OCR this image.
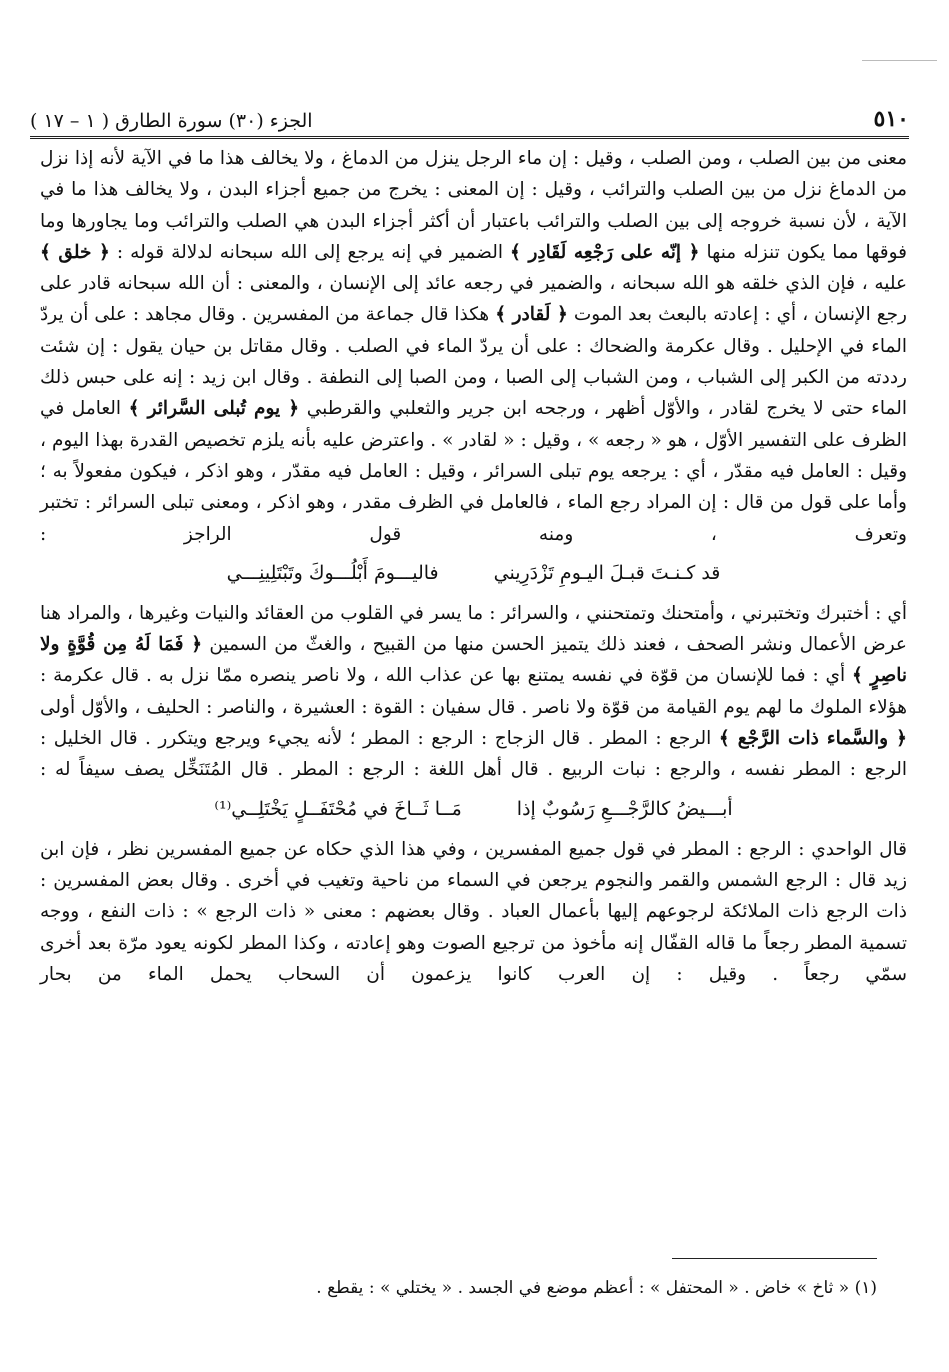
٥١٠
الجزء (٣٠) سورة الطارق ( ١ – ١٧ )

معنى من بين الصلب ، ومن الصلب ، وقيل : إن ماء الرجل ينزل من الدماغ ، ولا يخالف هذا ما في الآية لأنه إذا نزل من الدماغ نزل من بين الصلب والترائب ، وقيل : إن المعنى : يخرج من جميع أجزاء البدن ، ولا يخالف هذا ما في الآية ، لأن نسبة خروجه إلى بين الصلب والترائب باعتبار أن أكثر أجزاء البدن هي الصلب والترائب وما يجاورها وما فوقها مما يكون تنزله منها ﴿ إنّه على رَجْعِه لَقَادِر ﴾ الضمير في إنه يرجع إلى الله سبحانه لدلالة قوله : ﴿ خلق ﴾ عليه ، فإن الذي خلقه هو الله سبحانه ، والضمير في رجعه عائد إلى الإنسان ، والمعنى : أن الله سبحانه قادر على رجع الإنسان ، أي : إعادته بالبعث بعد الموت ﴿ لَقادر ﴾ هكذا قال جماعة من المفسرين . وقال مجاهد : على أن يردّ الماء في الإحليل . وقال عكرمة والضحاك : على أن يردّ الماء في الصلب . وقال مقاتل بن حيان يقول : إن شئت رددته من الكبر إلى الشباب ، ومن الشباب إلى الصبا ، ومن الصبا إلى النطفة . وقال ابن زيد : إنه على حبس ذلك الماء حتى لا يخرج لقادر ، والأوّل أظهر ، ورجحه ابن جرير والثعلبي والقرطبي ﴿ يوم تُبلى السَّرائر ﴾ العامل في الظرف على التفسير الأوّل ، هو « رجعه » ، وقيل : « لقادر » . واعترض عليه بأنه يلزم تخصيص القدرة بهذا اليوم ، وقيل : العامل فيه مقدّر ، أي : يرجعه يوم تبلى السرائر ، وقيل : العامل فيه مقدّر ، وهو اذكر ، فيكون مفعولاً به ؛ وأما على قول من قال : إن المراد رجع الماء ، فالعامل في الظرف مقدر ، وهو اذكر ، ومعنى تبلى السرائر : تختبر وتعرف ، ومنه قول الراجز :

قد كـنـتَ قبـلَ اليـومِ تَزْدَرِيني
فاليـــومَ أَبْلُـــوكَ وتَبْتَلِينِـــي

أي : أختبرك وتختبرني ، وأمتحنك وتمتحنني ، والسرائر : ما يسر في القلوب من العقائد والنيات وغيرها ، والمراد هنا عرض الأعمال ونشر الصحف ، فعند ذلك يتميز الحسن منها من القبيح ، والغثّ من السمين ﴿ فَمَا لَهُ مِن قُوَّةٍ ولا ناصِرٍ ﴾ أي : فما للإنسان من قوّة في نفسه يمتنع بها عن عذاب الله ، ولا ناصر ينصره ممّا نزل به . قال عكرمة : هؤلاء الملوك ما لهم يوم القيامة من قوّة ولا ناصر . قال سفيان : القوة : العشيرة ، والناصر : الحليف ، والأوّل أولى ﴿ والسَّماء ذات الرَّجْع ﴾ الرجع : المطر . قال الزجاج : الرجع : المطر ؛ لأنه يجيء ويرجع ويتكرر . قال الخليل : الرجع : المطر نفسه ، والرجع : نبات الربيع . قال أهل اللغة : الرجع : المطر . قال المُتَنَخِّل يصف سيفاً له :

أبـــيضُ كالرَّجْـــعِ رَسُوبٌ إذا
مَــا ثَــاخَ في مُحْتَفَــلٍ يَخْتَلِــي⁽¹⁾

قال الواحدي : الرجع : المطر في قول جميع المفسرين ، وفي هذا الذي حكاه عن جميع المفسرين نظر ، فإن ابن زيد قال : الرجع الشمس والقمر والنجوم يرجعن في السماء من ناحية وتغيب في أخرى . وقال بعض المفسرين : ذات الرجع ذات الملائكة لرجوعهم إليها بأعمال العباد . وقال بعضهم : معنى « ذات الرجع » : ذات النفع ، ووجه تسمية المطر رجعاً ما قاله القفّال إنه مأخوذ من ترجيع الصوت وهو إعادته ، وكذا المطر لكونه يعود مرّة بعد أخرى سمّي رجعاً . وقيل : إن العرب كانوا يزعمون أن السحاب يحمل الماء من بحار

(١) « ثاخ » خاض . « المحتفل » : أعظم موضع في الجسد . « يختلي » : يقطع .
